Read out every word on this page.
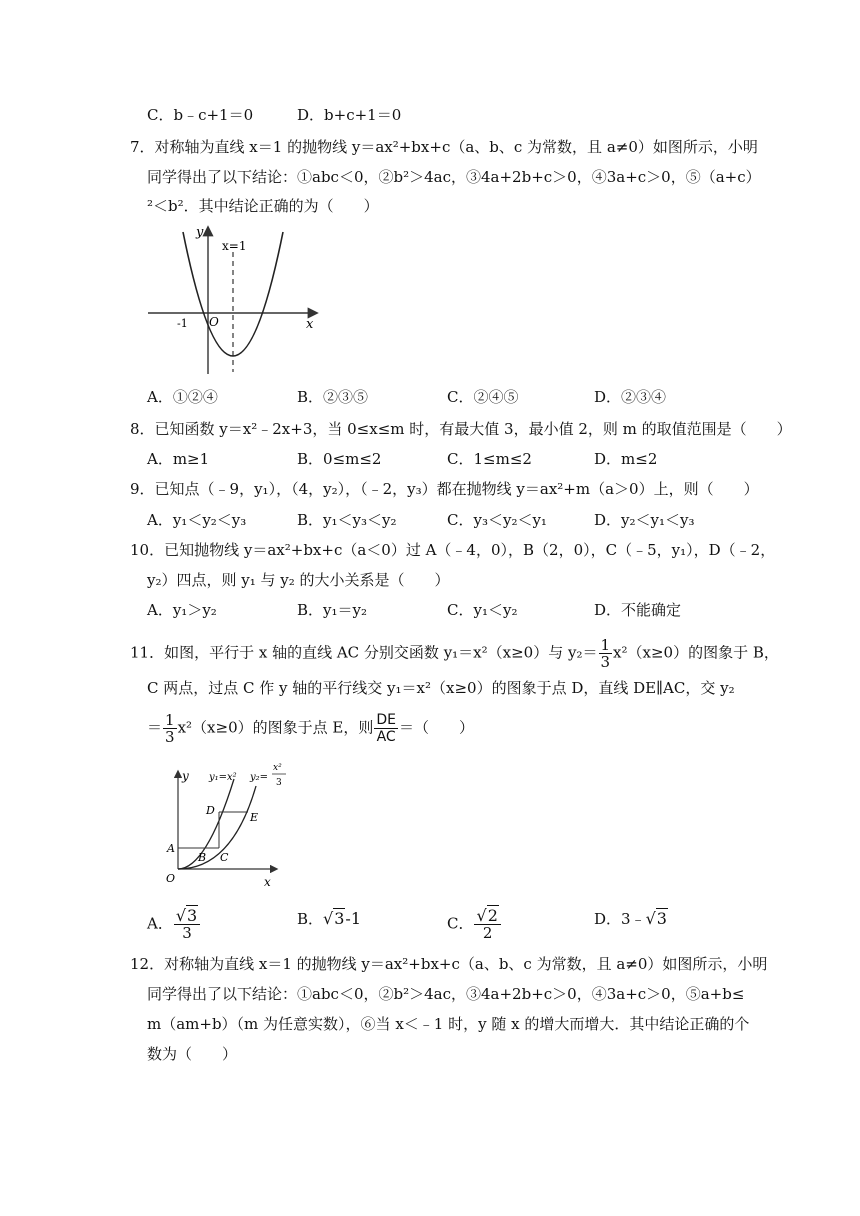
C．b﹣c+1＝0	D．b+c+1＝0
7．对称轴为直线 x＝1 的抛物线 y＝ax²+bx+c（a、b、c 为常数，且 a≠0）如图所示，小明
同学得出了以下结论：①abc＜0，②b²＞4ac，③4a+2b+c＞0，④3a+c＞0，⑤（a+c）
²＜b²．其中结论正确的为（　　）
y
x
x=1
-1 O
A．①②④	B．②③⑤	C．②④⑤	D．②③④
8．已知函数 y＝x²﹣2x+3，当 0≤x≤m 时，有最大值 3，最小值 2，则 m 的取值范围是（　　）
A．m≥1	B．0≤m≤2	C．1≤m≤2	D．m≤2
9．已知点（﹣9，y₁），（4，y₂），（﹣2，y₃）都在抛物线 y＝ax²+m（a＞0）上，则（　　）
A．y₁＜y₂＜y₃	B．y₁＜y₃＜y₂	C．y₃＜y₂＜y₁	D．y₂＜y₁＜y₃
10．已知抛物线 y＝ax²+bx+c（a＜0）过 A（﹣4，0），B（2，0），C（﹣5，y₁），D（﹣2，
y₂）四点，则 y₁ 与 y₂ 的大小关系是（　　）
A．y₁＞y₂	B．y₁＝y₂	C．y₁＜y₂	D．不能确定
11．如图，平行于 x 轴的直线 AC 分别交函数 y₁＝x²（x≥0）与 $y_2= \frac{1}{3} x^2(x\ge 0)$的图象于 B，
C 两点，过点 C 作 y 轴的平行线交 y₁＝x²（x≥0）的图象于点 D，直线 DE∥AC，交 y₂
＝ $\frac{1}{3} x^2(x\ge 0)$的图象于点 E，则 $\frac{DE}{AC}$ ＝（　　）
y
x
O
y₁=x² y₂=
x²
3
A
B C
D
E
A． $\frac{√3}{3}$	B．√3-1	C． $\frac{√2}{2}$	D．3﹣√3
12．对称轴为直线 x＝1 的抛物线 y＝ax²+bx+c（a、b、c 为常数，且 a≠0）如图所示，小明
同学得出了以下结论：①abc＜0，②b²＞4ac，③4a+2b+c＞0，④3a+c＞0，⑤a+b≤
m（am+b）（m 为任意实数），⑥当 x＜﹣1 时，y 随 x 的增大而增大．其中结论正确的个
数为（　　）
